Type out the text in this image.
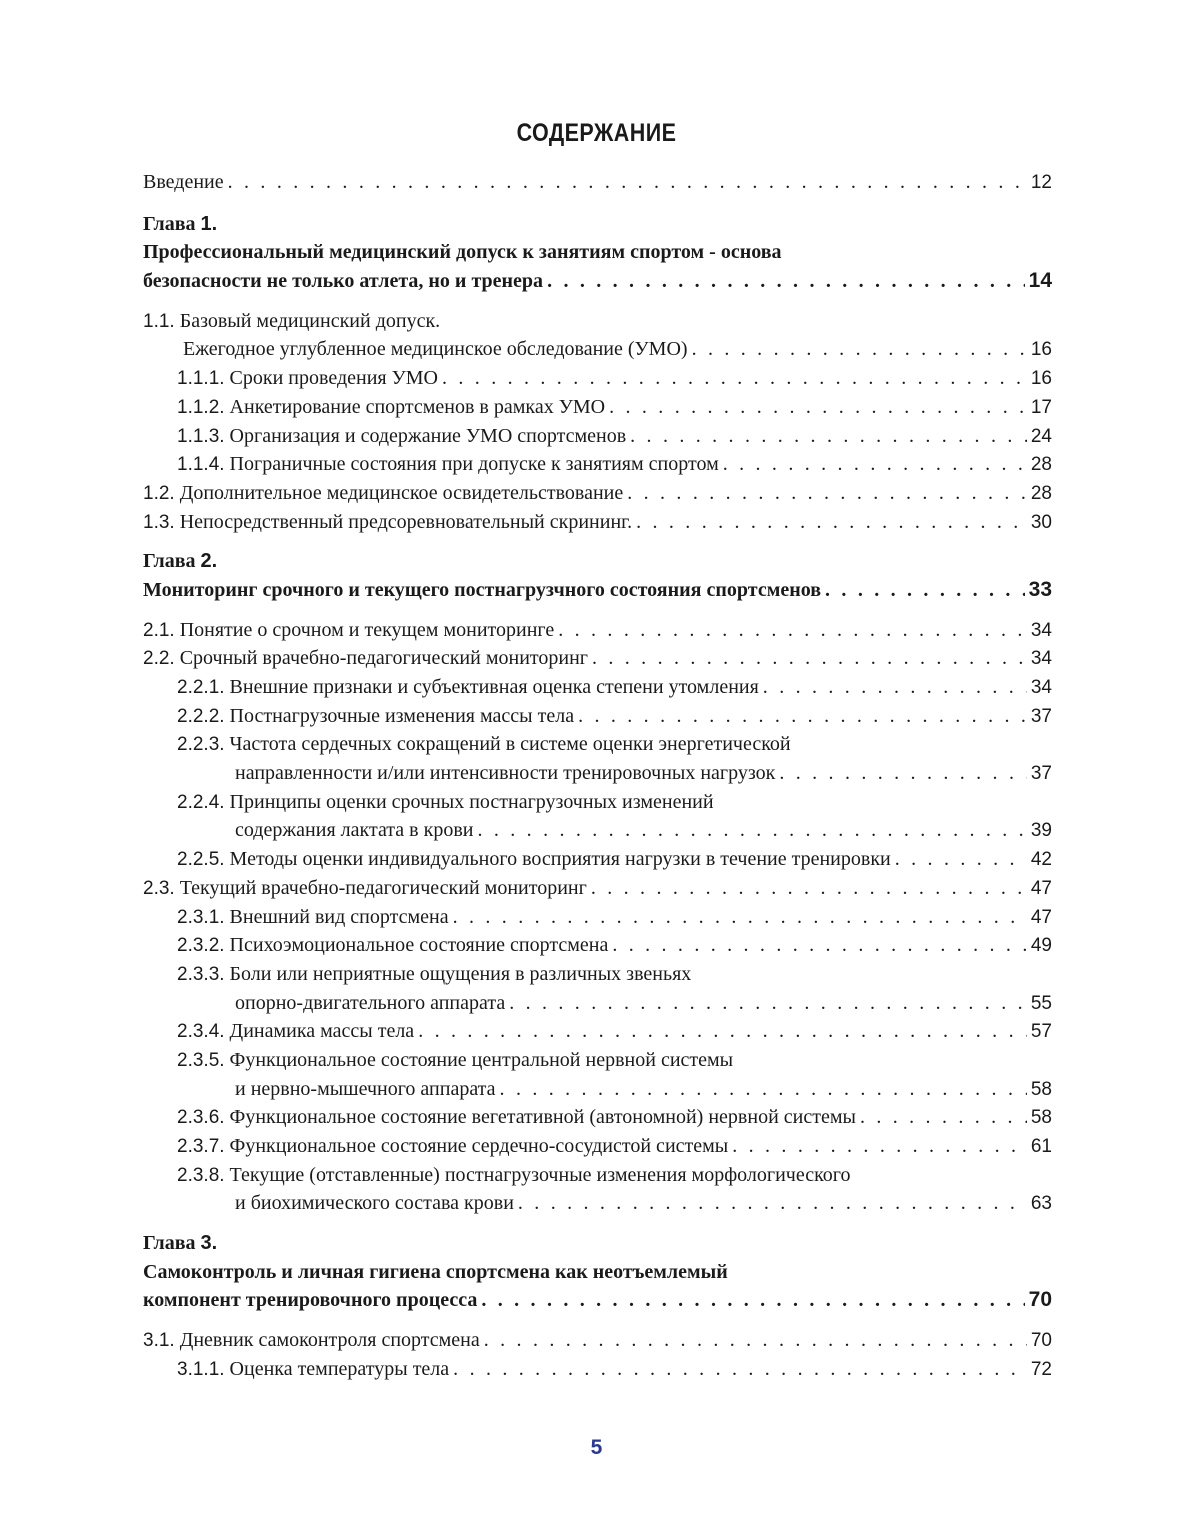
СОДЕРЖАНИЕ
Введение . . .	12
Глава 1.
Профессиональный медицинский допуск к занятиям спортом - основа
безопасности не только атлета, но и тренера . . .	14
1.1. Базовый медицинский допуск.
Ежегодное углубленное медицинское обследование (УМО) . . .	16
1.1.1. Сроки проведения УМО . . .	16
1.1.2. Анкетирование спортсменов в рамках УМО . . .	17
1.1.3. Организация и содержание УМО спортсменов . . .	24
1.1.4. Пограничные состояния при допуске к занятиям спортом . . .	28
1.2. Дополнительное медицинское освидетельствование . . .	28
1.3. Непосредственный предсоревновательный скрининг. . . .	30
Глава 2.
Мониторинг срочного и текущего постнагрузчного состояния спортсменов . . .	33
2.1. Понятие о срочном и текущем мониторинге . . .	34
2.2. Срочный врачебно-педагогический мониторинг . . .	34
2.2.1. Внешние признаки и субъективная оценка степени утомления . . .	34
2.2.2. Постнагрузочные изменения массы тела . . .	37
2.2.3. Частота сердечных сокращений в системе оценки энергетической
направленности и/или интенсивности тренировочных нагрузок . . .	37
2.2.4. Принципы оценки срочных постнагрузочных изменений
содержания лактата в крови . . .	39
2.2.5. Методы оценки индивидуального восприятия нагрузки в течение тренировки . . .	42
2.3. Текущий врачебно-педагогический мониторинг . . .	47
2.3.1. Внешний вид спортсмена . . .	47
2.3.2. Психоэмоциональное состояние спортсмена . . .	49
2.3.3. Боли или неприятные ощущения в различных звеньях
опорно-двигательного аппарата . . .	55
2.3.4. Динамика массы тела . . .	57
2.3.5. Функциональное состояние центральной нервной системы
и нервно-мышечного аппарата . . .	58
2.3.6. Функциональное состояние вегетативной (автономной) нервной системы . . .	58
2.3.7. Функциональное состояние сердечно-сосудистой системы . . .	61
2.3.8. Текущие (отставленные) постнагрузочные изменения морфологического
и биохимического состава крови . . .	63
Глава 3.
Самоконтроль и личная гигиена спортсмена как неотъемлемый
компонент тренировочного процесса . . .	70
3.1. Дневник самоконтроля спортсмена . . .	70
3.1.1. Оценка температуры тела . . .	72
5
